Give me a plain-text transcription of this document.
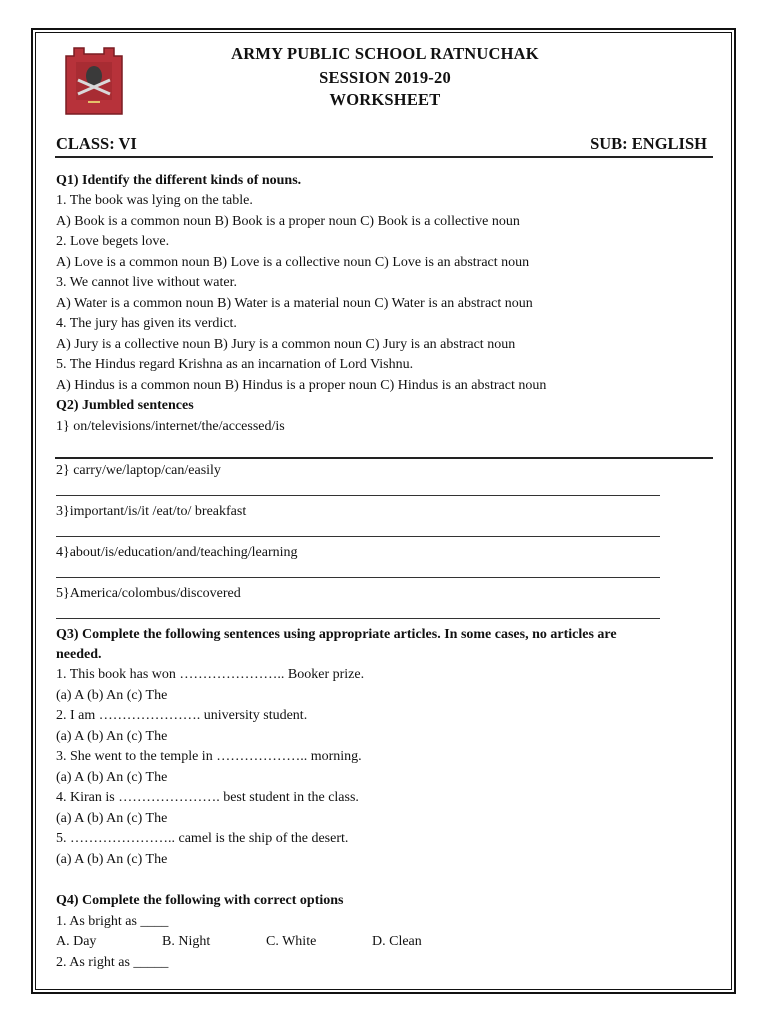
ARMY PUBLIC SCHOOL RATNUCHAK
SESSION 2019-20
WORKSHEET
CLASS: VI	SUB: ENGLISH
Q1) Identify the different kinds of nouns.
1. The book was lying on the table.
A) Book is a common noun B) Book is a proper noun C) Book is a collective noun
2. Love begets love.
A) Love is a common noun B) Love is a collective noun C) Love is an abstract noun
3. We cannot live without water.
A) Water is a common noun B) Water is a material noun C) Water is an abstract noun
4. The jury has given its verdict.
A) Jury is a collective noun B) Jury is a common noun C) Jury is an abstract noun
5. The Hindus regard Krishna as an incarnation of Lord Vishnu.
A) Hindus is a common noun B) Hindus is a proper noun C) Hindus is an abstract noun
Q2) Jumbled sentences
1} on/televisions/internet/the/accessed/is
2} carry/we/laptop/can/easily
3}important/is/it /eat/to/ breakfast
4}about/is/education/and/teaching/learning
5}America/colombus/discovered
Q3) Complete the following sentences using appropriate articles. In some cases, no articles are
needed.
1. This book has won ………………….. Booker prize.
(a) A (b) An (c) The
2. I am …………………. university student.
(a) A (b) An (c) The
3. She went to the temple in ……………….. morning.
(a) A (b) An (c) The
4. Kiran is …………………. best student in the class.
(a) A (b) An (c) The
5. ………………….. camel is the ship of the desert.
(a) A (b) An (c) The
Q4) Complete the following with correct options
1. As bright as ____
A. Day	B. Night	C. White	D. Clean
2. As right as _____
